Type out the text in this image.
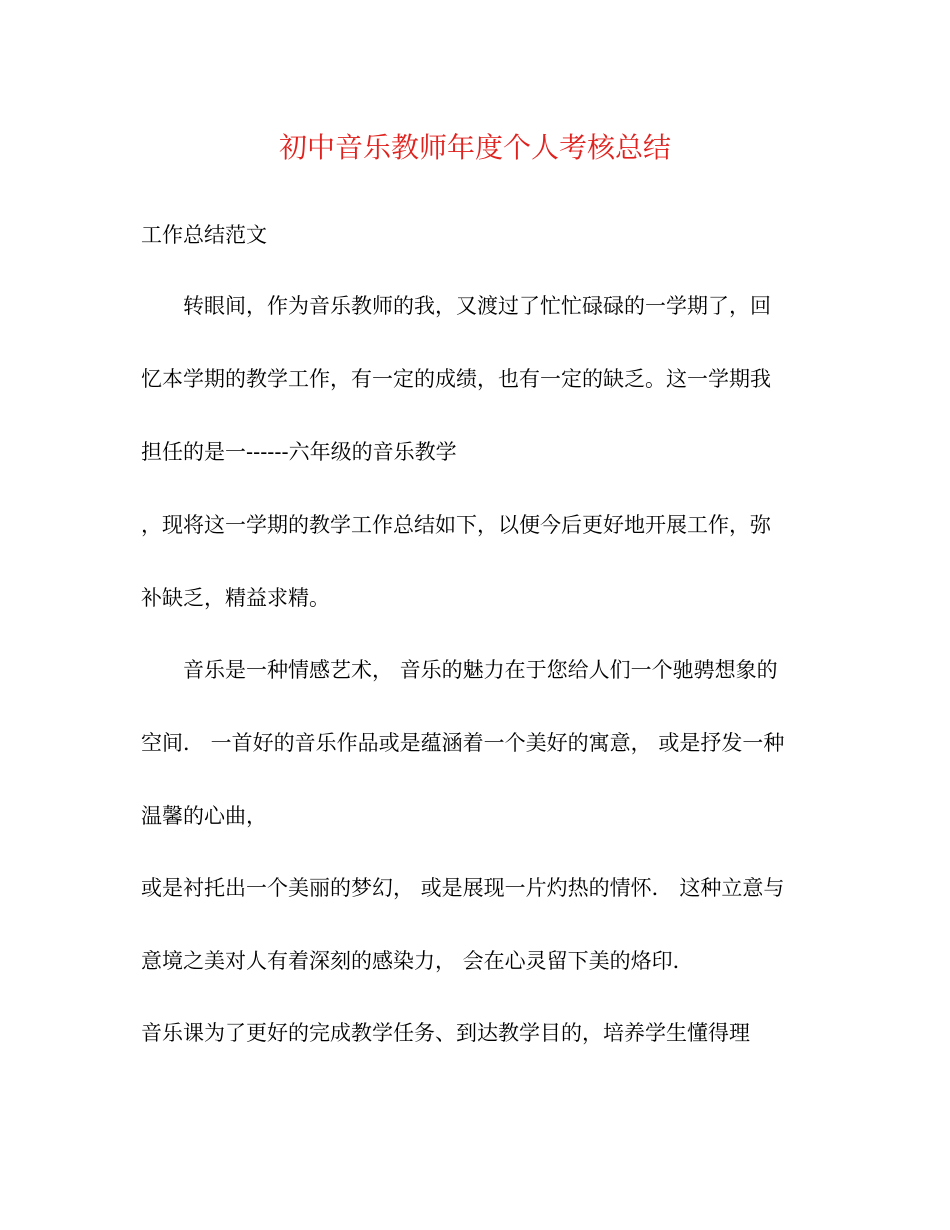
初中音乐教师年度个人考核总结
工作总结范文
转眼间，作为音乐教师的我，又渡过了忙忙碌碌的一学期了，回
忆本学期的教学工作，有一定的成绩，也有一定的缺乏。这一学期我
担任的是一------六年级的音乐教学
，现将这一学期的教学工作总结如下，以便今后更好地开展工作，弥
补缺乏，精益求精。
音乐是一种情感艺术， 音乐的魅力在于您给人们一个驰骋想象的
空间． 一首好的音乐作品或是蕴涵着一个美好的寓意， 或是抒发一种
温馨的心曲，
或是衬托出一个美丽的梦幻， 或是展现一片灼热的情怀． 这种立意与
意境之美对人有着深刻的感染力， 会在心灵留下美的烙印．
音乐课为了更好的完成教学任务、到达教学目的，培养学生懂得理
